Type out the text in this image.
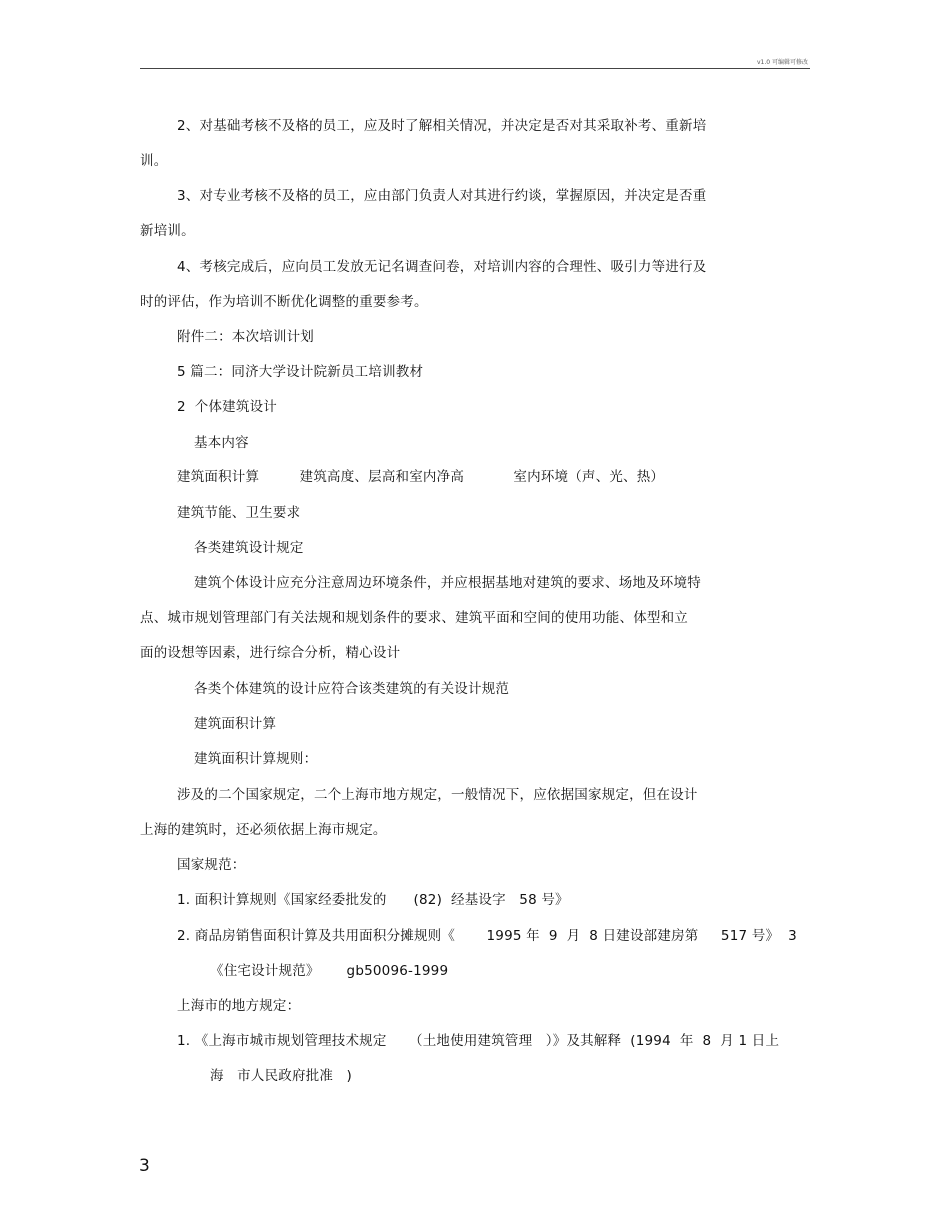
v1.0 可编辑可修改
2、对基础考核不及格的员工，应及时了解相关情况，并决定是否对其采取补考、重新培
训。
3、对专业考核不及格的员工，应由部门负责人对其进行约谈，掌握原因，并决定是否重
新培训。
4、考核完成后，应向员工发放无记名调查问卷，对培训内容的合理性、吸引力等进行及
时的评估，作为培训不断优化调整的重要参考。
附件二：本次培训计划
5 篇二：同济大学设计院新员工培训教材
2  个体建筑设计
基本内容
建筑面积计算         建筑高度、层高和室内净高           室内环境（声、光、热）
建筑节能、卫生要求
各类建筑设计规定
建筑个体设计应充分注意周边环境条件，并应根据基地对建筑的要求、场地及环境特
点、城市规划管理部门有关法规和规划条件的要求、建筑平面和空间的使用功能、体型和立
面的设想等因素，进行综合分析，精心设计
各类个体建筑的设计应符合该类建筑的有关设计规范
建筑面积计算
建筑面积计算规则：
涉及的二个国家规定，二个上海市地方规定，一般情况下，应依据国家规定，但在设计
上海的建筑时，还必须依据上海市规定。
国家规范：
1. 面积计算规则《国家经委批发的      (82)  经基设字   58 号》
2. 商品房销售面积计算及共用面积分摊规则《       1995 年  9  月  8 日建设部建房第     517 号》  3
《住宅设计规范》      gb50096-1999
上海市的地方规定：
1. 《上海市城市规划管理技术规定     （土地使用建筑管理   ）》及其解释  (1994  年  8  月 1 日上
海   市人民政府批准   )
3
